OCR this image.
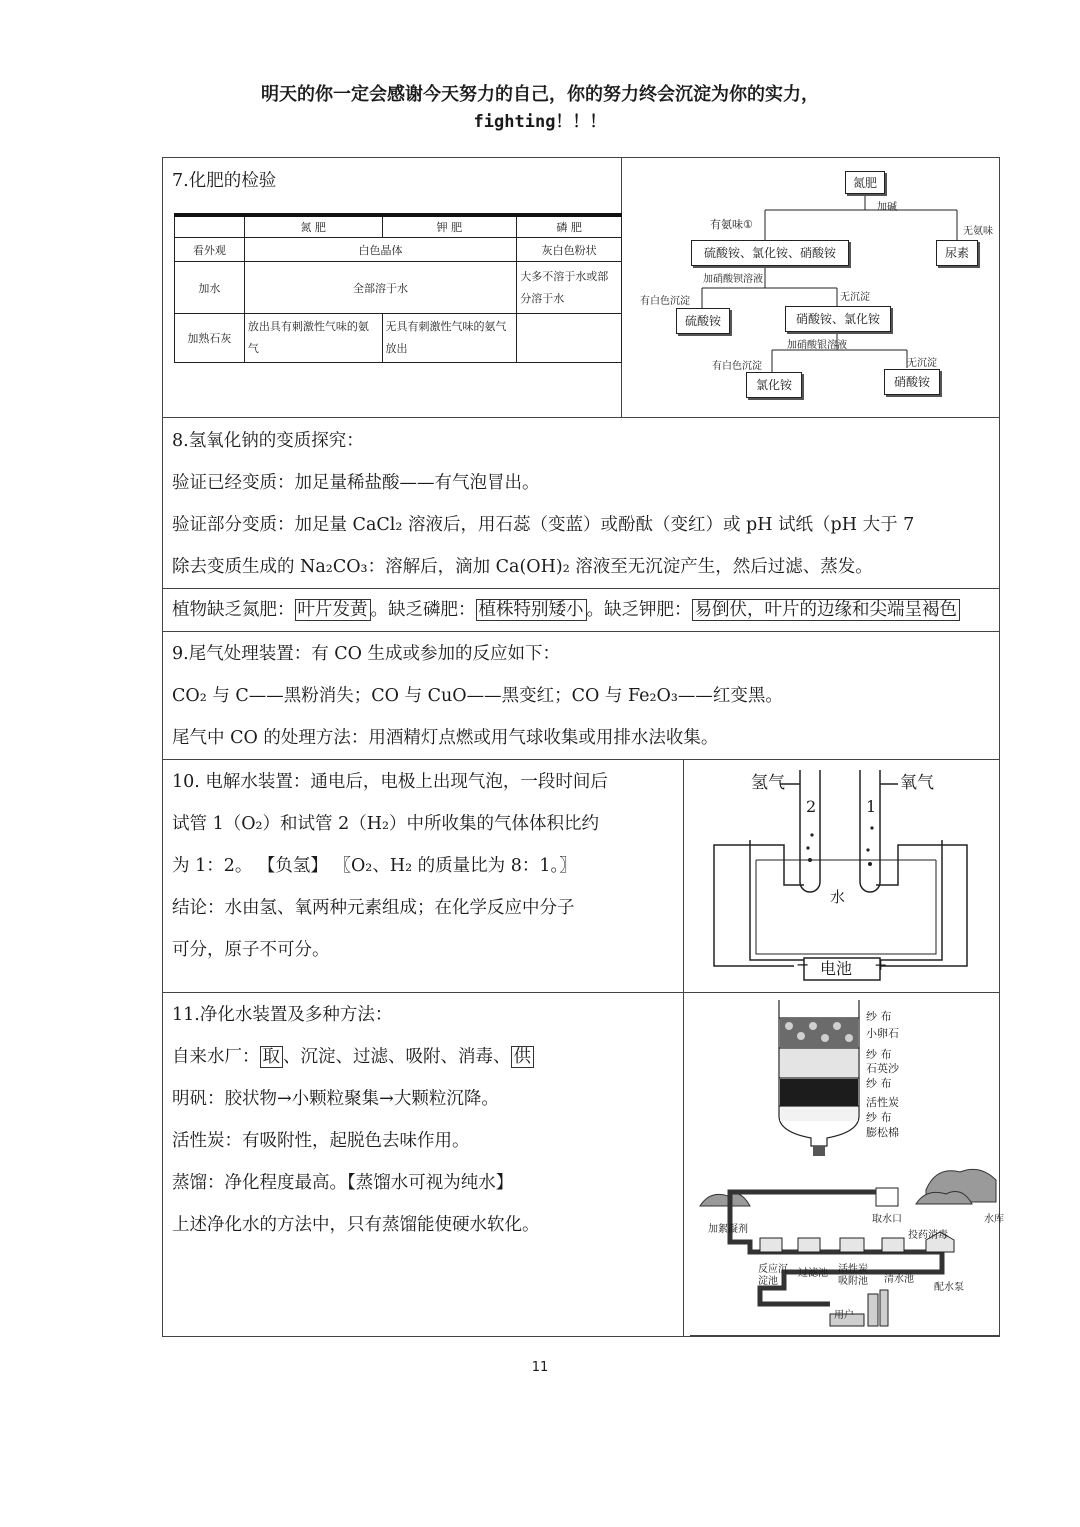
明天的你一定会感谢今天努力的自己，你的努力终会沉淀为你的实力，
fighting！！！
7.化肥的检验
	氮 肥	钾 肥	磷 肥
看外观	白色晶体		灰白色粉状
加水	全部溶于水		大多不溶于水或部分溶于水
加熟石灰	放出具有刺激性气味的氨气	无具有刺激性气味的氨气放出	
氮肥
加碱
有氨味①
无氨味
硫酸铵、氯化铵、硝酸铵	尿素
加硝酸钡溶液
有白色沉淀	无沉淀
硫酸铵	硝酸铵、氯化铵
加硝酸银溶液
有白色沉淀	无沉淀
氯化铵	硝酸铵

8.氢氧化钠的变质探究：

验证已经变质：加足量稀盐酸——有气泡冒出。

验证部分变质：加足量 CaCl₂ 溶液后，用石蕊（变蓝）或酚酞（变红）或 pH 试纸（pH 大于 7

除去变质生成的 Na₂CO₃：溶解后，滴加 Ca(OH)₂ 溶液至无沉淀产生，然后过滤、蒸发。

植物缺乏氮肥： 叶片发黄 。缺乏磷肥： 植株特别矮小 。缺乏钾肥： 易倒伏，叶片的边缘和尖端呈褐色

9.尾气处理装置：有 CO 生成或参加的反应如下：

CO₂ 与 C——黑粉消失；CO 与 CuO——黑变红；CO 与 Fe₂O₃——红变黑。

尾气中 CO 的处理方法：用酒精灯点燃或用气球收集或用排水法收集。

10. 电解水装置：通电后，电极上出现气泡，一段时间后

试管 1（O₂）和试管 2（H₂）中所收集的气体体积比约

为 1：2。 【负氢】 〖O₂、H₂ 的质量比为 8：1。〗

结论：水由氢、氧两种元素组成；在化学反应中分子

可分，原子不可分。

氢气	氧气
2	1
水
电池
−	+

11.净化水装置及多种方法：

自来水厂： 取 、沉淀、过滤、吸附、消毒、 供

明矾：胶状物→小颗粒聚集→大颗粒沉降。

活性炭：有吸附性，起脱色去味作用。

蒸馏：净化程度最高。【蒸馏水可视为纯水】

上述净化水的方法中，只有蒸馏能使硬水软化。

纱 布
小卵石
纱 布
石英沙
纱 布
活性炭
纱 布
膨松棉
取水口	水库
加絮凝剂
投药消毒
反应沉淀池
过滤池 活性炭吸附池	清水池
配水泵
用户
11
